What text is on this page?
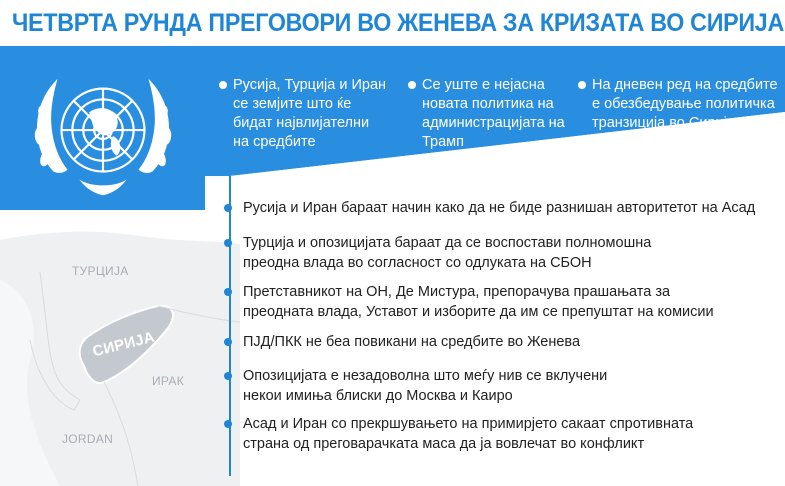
ЧЕТВРТА РУНДА ПРЕГОВОРИ ВО ЖЕНЕВА ЗА КРИЗАТА ВО СИРИЈА
ТУРЦИЈА
СИРИЈА
ИРАК
JORDAN
Русија, Турција и Иран
се земјите што ќе
бидат највлијателни
на средбите
Се уште е нејасна
новата политика на
администрацијата на
Трамп
На дневен ред на средбите
е обезбедување политичка
транзиција во Сирија
Русија и Иран бараат начин како да не биде разнишан авторитетот на Асад
Турција и опозицијата бараат да се воспостави полномошна
преодна влада во согласност со одлуката на СБОН
Претставникот на ОН, Де Мистура, препорачува прашањата за
преодната влада, Уставот и изборите да им се препуштат на комисии
ПЈД/ПКК не беа повикани на средбите во Женева
Опозицијата е незадоволна што меѓу нив се вклучени
некои имиња блиски до Москва и Каиро
Асад и Иран со прекршувањето на примирјето сакаат спротивната
страна од преговарачката маса да ја вовлечат во конфликт
